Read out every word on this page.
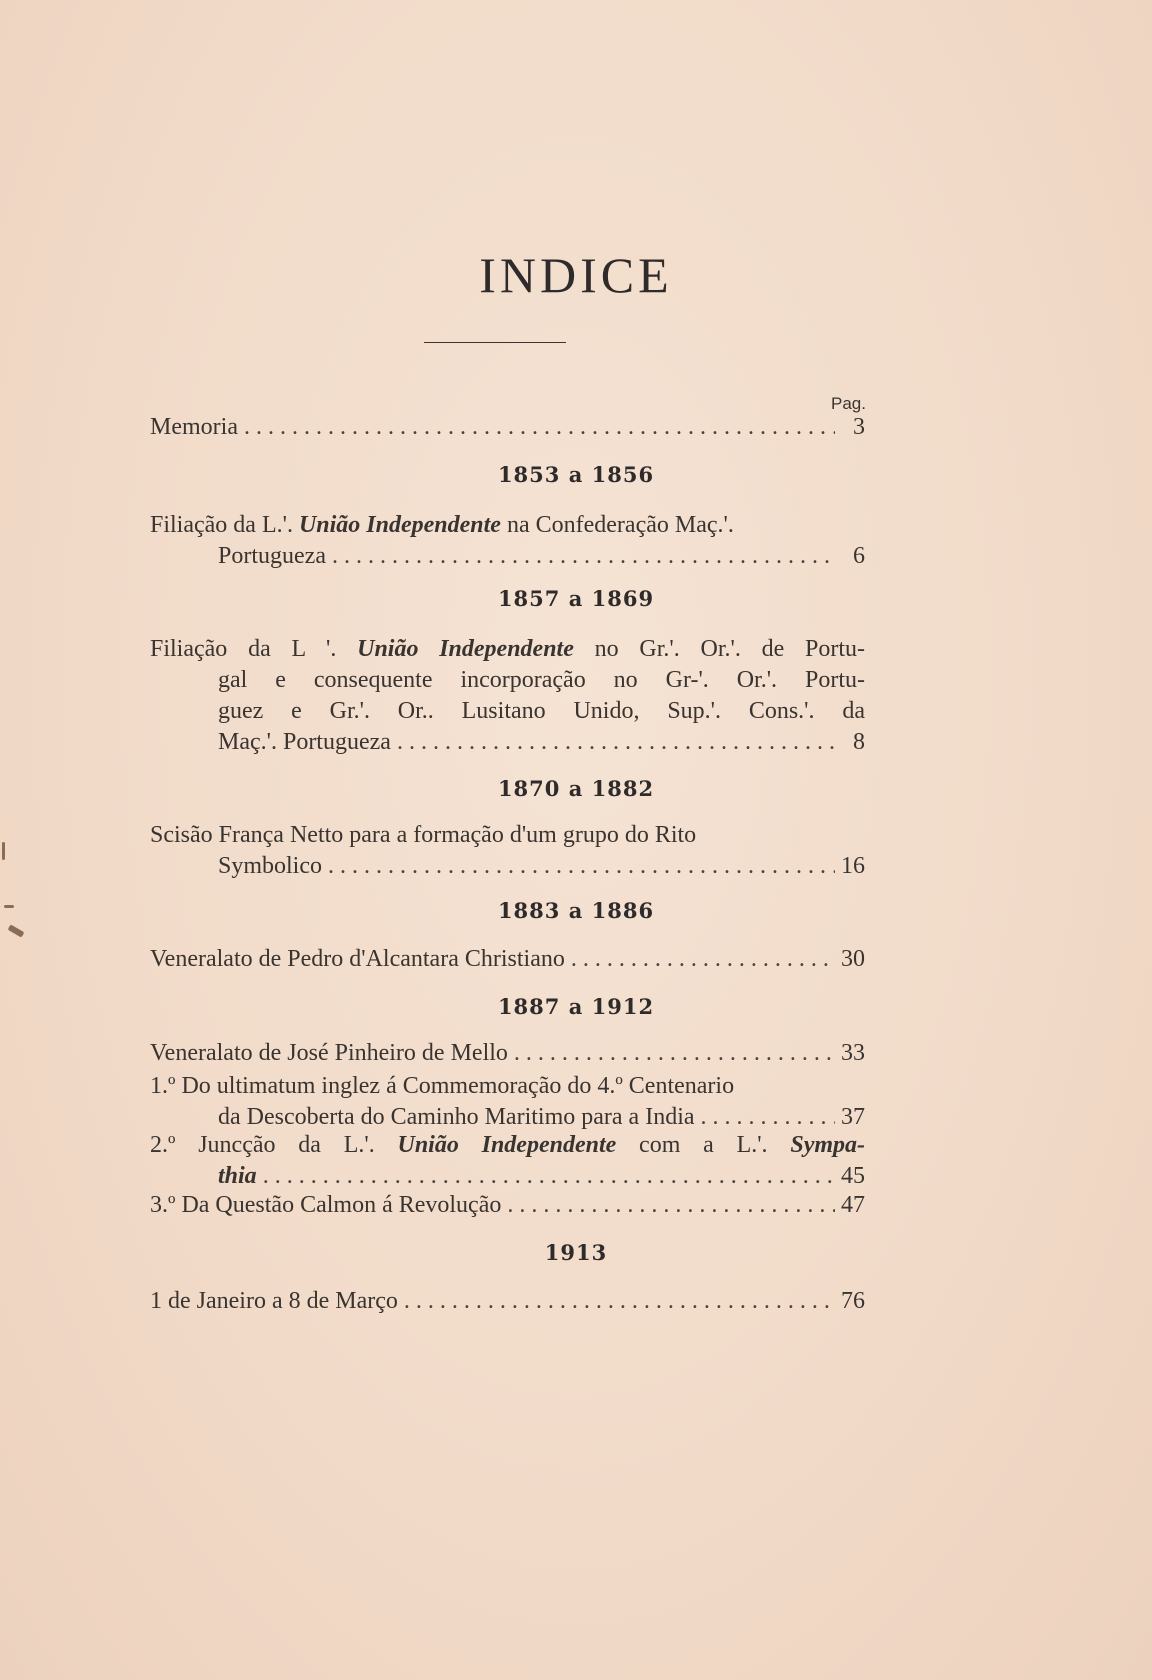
INDICE
Pag.
Memoria . . .	3
1853 a 1856
Filiação da L.'. União Independente na Confederação Maç.'.
Portugueza . . .	6
1857 a 1869
Filiação da L '. União Independente no Gr.'. Or.'. de Portu-
gal e consequente incorporação no Gr-'. Or.'. Portu-
guez e Gr.'. Or.. Lusitano Unido, Sup.'. Cons.'. da
Maç.'. Portugueza . . .	8
1870 a 1882
Scisão França Netto para a formação d'um grupo do Rito
Symbolico . . .	16
1883 a 1886
Veneralato de Pedro d'Alcantara Christiano . . .	30
1887 a 1912
Veneralato de José Pinheiro de Mello . . .	33
1.º Do ultimatum inglez á Commemoração do 4.º Centenario
da Descoberta do Caminho Maritimo para a India . . .	37
2.º Juncção da L.'. União Independente com a L.'. Sympa-
thia . . .	45
3.º Da Questão Calmon á Revolução . . .	47
1913
1 de Janeiro a 8 de Março . . .	76
